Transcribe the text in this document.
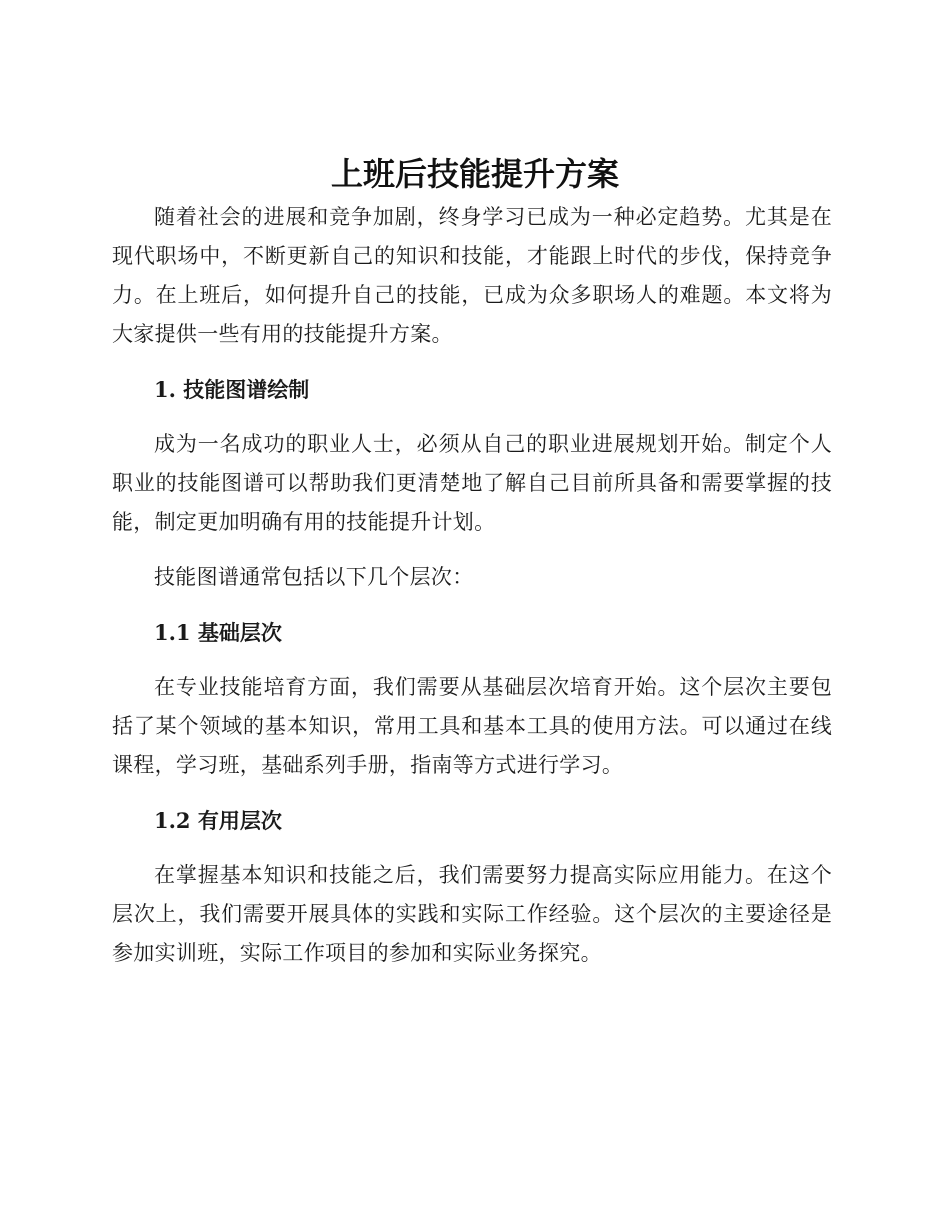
上班后技能提升方案

随着社会的进展和竞争加剧，终身学习已成为一种必定趋势。尤其是在现代职场中，不断更新自己的知识和技能，才能跟上时代的步伐，保持竞争力。在上班后，如何提升自己的技能，已成为众多职场人的难题。本文将为大家提供一些有用的技能提升方案。

1. 技能图谱绘制

成为一名成功的职业人士，必须从自己的职业进展规划开始。制定个人职业的技能图谱可以帮助我们更清楚地了解自己目前所具备和需要掌握的技能，制定更加明确有用的技能提升计划。

技能图谱通常包括以下几个层次：

1.1 基础层次

在专业技能培育方面，我们需要从基础层次培育开始。这个层次主要包括了某个领域的基本知识，常用工具和基本工具的使用方法。可以通过在线课程，学习班，基础系列手册，指南等方式进行学习。

1.2 有用层次

在掌握基本知识和技能之后，我们需要努力提高实际应用能力。在这个层次上，我们需要开展具体的实践和实际工作经验。这个层次的主要途径是参加实训班，实际工作项目的参加和实际业务探究。
